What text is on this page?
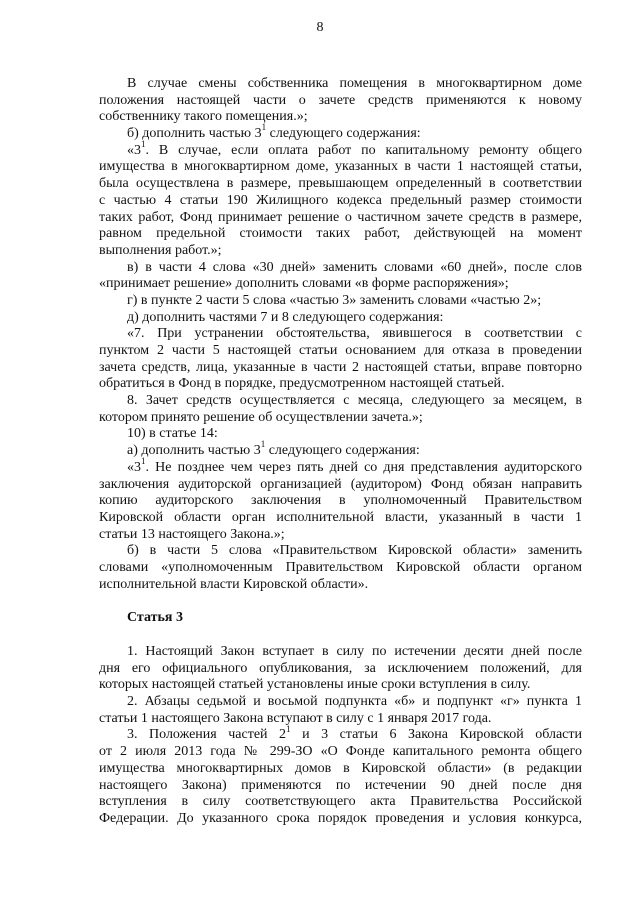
8
В случае смены собственника помещения в многоквартирном доме
положения настоящей части о зачете средств применяются к новому
собственнику такого помещения.»;
б) дополнить частью $3^1$ следующего содержания:
«$3^1$. В случае, если оплата работ по капитальному ремонту общего
имущества в многоквартирном доме, указанных в части 1 настоящей статьи,
была осуществлена в размере, превышающем определенный в соответствии
с частью 4 статьи 190 Жилищного кодекса предельный размер стоимости
таких работ, Фонд принимает решение о частичном зачете средств в размере,
равном предельной стоимости таких работ, действующей на момент
выполнения работ.»;
в) в части 4 слова «30 дней» заменить словами «60 дней», после слов
«принимает решение» дополнить словами «в форме распоряжения»;
г) в пункте 2 части 5 слова «частью 3» заменить словами «частью 2»;
д) дополнить частями 7 и 8 следующего содержания:
«7. При устранении обстоятельства, явившегося в соответствии с
пунктом 2 части 5 настоящей статьи основанием для отказа в проведении
зачета средств, лица, указанные в части 2 настоящей статьи, вправе повторно
обратиться в Фонд в порядке, предусмотренном настоящей статьей.
8. Зачет средств осуществляется с месяца, следующего за месяцем, в
котором принято решение об осуществлении зачета.»;
10) в статье 14:
а) дополнить частью $3^1$ следующего содержания:
«$3^1$. Не позднее чем через пять дней со дня представления аудиторского
заключения аудиторской организацией (аудитором) Фонд обязан направить
копию аудиторского заключения в уполномоченный Правительством
Кировской области орган исполнительной власти, указанный в части 1
статьи 13 настоящего Закона.»;
б) в части 5 слова «Правительством Кировской области» заменить
словами «уполномоченным Правительством Кировской области органом
исполнительной власти Кировской области».
Статья 3
1. Настоящий Закон вступает в силу по истечении десяти дней после
дня его официального опубликования, за исключением положений, для
которых настоящей статьей установлены иные сроки вступления в силу.
2. Абзацы седьмой и восьмой подпункта «б» и подпункт «г» пункта 1
статьи 1 настоящего Закона вступают в силу с 1 января 2017 года.
3. Положения частей $2^1$ и 3 статьи 6 Закона Кировской области
от 2 июля 2013 года № 299-ЗО «О Фонде капитального ремонта общего
имущества многоквартирных домов в Кировской области» (в редакции
настоящего Закона) применяются по истечении 90 дней после дня
вступления в силу соответствующего акта Правительства Российской
Федерации. До указанного срока порядок проведения и условия конкурса,
